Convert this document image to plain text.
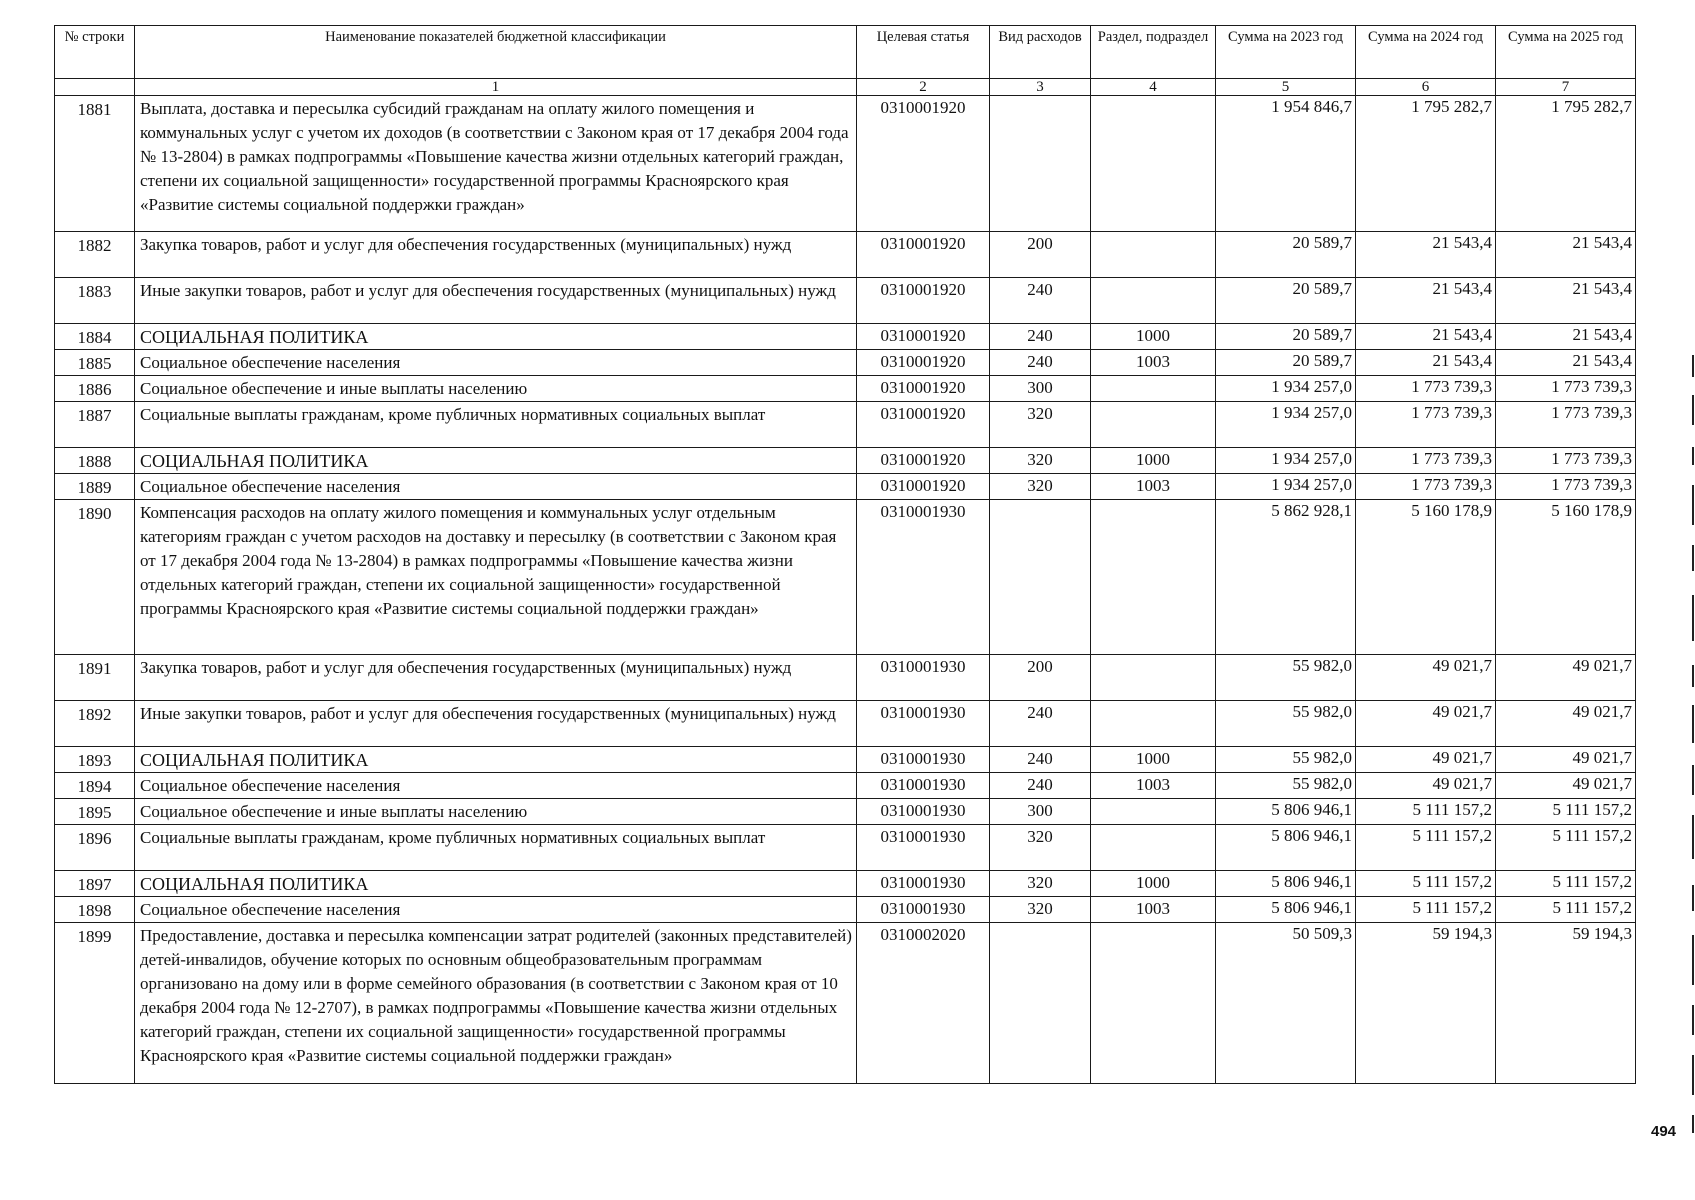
№ строки	Наименование показателей бюджетной классификации	Целевая статья	Вид расходов	Раздел, подраздел	Сумма на 2023 год	Сумма на 2024 год	Сумма на 2025 год
	1	2	3	4	5	6	7
1881	Выплата, доставка и пересылка субсидий гражданам на оплату жилого помещения и коммунальных услуг с учетом их доходов (в соответствии с Законом края от 17 декабря 2004 года № 13-2804) в рамках подпрограммы «Повышение качества жизни отдельных категорий граждан, степени их социальной защищенности» государственной программы Красноярского края «Развитие системы социальной поддержки граждан»	0310001920			1 954 846,7	1 795 282,7	1 795 282,7
1882	Закупка товаров, работ и услуг для обеспечения государственных (муниципальных) нужд	0310001920	200		20 589,7	21 543,4	21 543,4
1883	Иные закупки товаров, работ и услуг для обеспечения государственных (муниципальных) нужд	0310001920	240		20 589,7	21 543,4	21 543,4
1884	СОЦИАЛЬНАЯ ПОЛИТИКА	0310001920	240	1000	20 589,7	21 543,4	21 543,4
1885	Социальное обеспечение населения	0310001920	240	1003	20 589,7	21 543,4	21 543,4
1886	Социальное обеспечение и иные выплаты населению	0310001920	300		1 934 257,0	1 773 739,3	1 773 739,3
1887	Социальные выплаты гражданам, кроме публичных нормативных социальных выплат	0310001920	320		1 934 257,0	1 773 739,3	1 773 739,3
1888	СОЦИАЛЬНАЯ ПОЛИТИКА	0310001920	320	1000	1 934 257,0	1 773 739,3	1 773 739,3
1889	Социальное обеспечение населения	0310001920	320	1003	1 934 257,0	1 773 739,3	1 773 739,3
1890	Компенсация расходов на оплату жилого помещения и коммунальных услуг отдельным категориям граждан с учетом расходов на доставку и пересылку (в соответствии с Законом края от 17 декабря 2004 года № 13-2804) в рамках подпрограммы «Повышение качества жизни отдельных категорий граждан, степени их социальной защищенности» государственной программы Красноярского края «Развитие системы социальной поддержки граждан»	0310001930			5 862 928,1	5 160 178,9	5 160 178,9
1891	Закупка товаров, работ и услуг для обеспечения государственных (муниципальных) нужд	0310001930	200		55 982,0	49 021,7	49 021,7
1892	Иные закупки товаров, работ и услуг для обеспечения государственных (муниципальных) нужд	0310001930	240		55 982,0	49 021,7	49 021,7
1893	СОЦИАЛЬНАЯ ПОЛИТИКА	0310001930	240	1000	55 982,0	49 021,7	49 021,7
1894	Социальное обеспечение населения	0310001930	240	1003	55 982,0	49 021,7	49 021,7
1895	Социальное обеспечение и иные выплаты населению	0310001930	300		5 806 946,1	5 111 157,2	5 111 157,2
1896	Социальные выплаты гражданам, кроме публичных нормативных социальных выплат	0310001930	320		5 806 946,1	5 111 157,2	5 111 157,2
1897	СОЦИАЛЬНАЯ ПОЛИТИКА	0310001930	320	1000	5 806 946,1	5 111 157,2	5 111 157,2
1898	Социальное обеспечение населения	0310001930	320	1003	5 806 946,1	5 111 157,2	5 111 157,2
1899	Предоставление, доставка и пересылка компенсации затрат родителей (законных представителей) детей-инвалидов, обучение которых по основным общеобразовательным программам организовано на дому или в форме семейного образования (в соответствии с Законом края от 10 декабря 2004 года № 12-2707), в рамках подпрограммы «Повышение качества жизни отдельных категорий граждан, степени их социальной защищенности» государственной программы Красноярского края «Развитие системы социальной поддержки граждан»	0310002020			50 509,3	59 194,3	59 194,3
494
